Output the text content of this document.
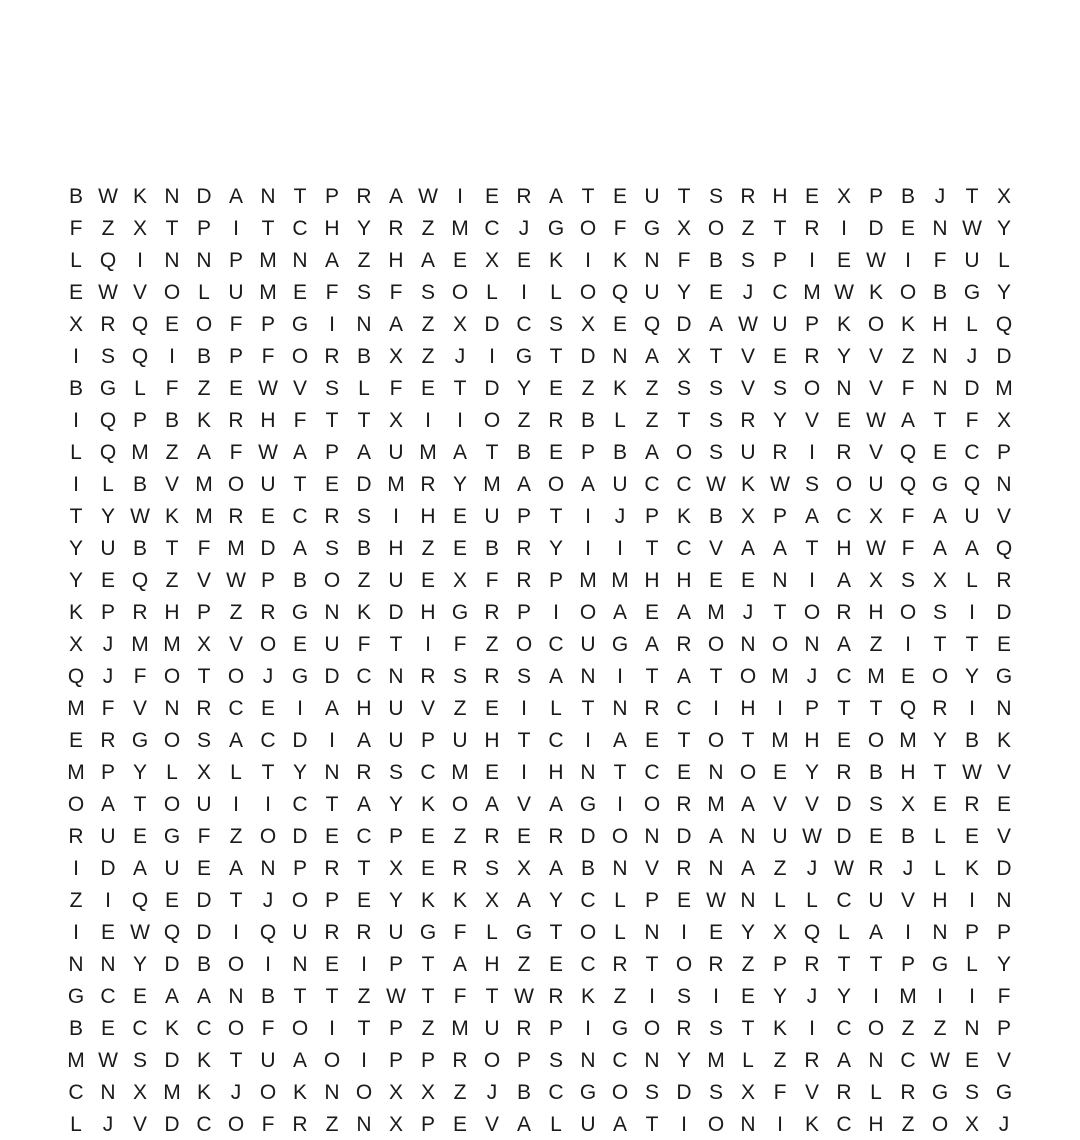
B W K N D A N T P R A W I	E R A T E U T S R H E X P B J T X
F Z X T P	I	T C H Y R Z M C J G O F G X O Z T R	I	D E N W Y
L Q I	N N P M N A Z H A E X E K	I	K N F B S P	I	E W I	F U L
E W V O L U M E F S F S O L	I	L O Q U Y E J C M W K O B G Y
X R Q E O F P G I	N A Z X D C S X E Q D A W U P K O K H L Q
I	S Q I	B P F O R B X Z J	I G T D N A X T V E R Y V Z N J D
B G L F Z E W V S L F E T D Y E Z K Z S S V S O N V F N D M
I Q P B K R H F T T X	I	I O Z R B L Z T S R Y V E W A T F X
L Q M Z A F W A P A U M A T B E P B A O S U R	I	R V Q E C P
I	L B V M O U T E D M R Y M A O A U C C W K W S O U Q G Q N
T Y W K M R E C R S	I	H E U P T	I	J P K B X P A C X F A U V
Y U B T F M D A S B H Z E B R Y	I	I	T C V A A T H W F A A Q
Y E Q Z V W P B O Z U E X F R P M M H H E E N	I	A X S X L R
K P R H P Z R G N K D H G R P	I O A E A M J T O R H O S	I	D
X J M M X V O E U F T	I	F Z O C U G A R O N O N A Z	I	T T E
Q J F O T O J G D C N R S R S A N	I	T A T O M J C M E O Y G
M F V N R C E	I	A H U V Z E	I	L T N R C	I	H	I	P T T Q R	I	N
E R G O S A C D	I	A U P U H T C	I	A E T O T M H E O M Y B K
M P Y L X L T Y N R S C M E	I	H N T C E N O E Y R B H T W V
O A T O U	I	I	C T A Y K O A V A G I O R M A V V D S X E R E
R U E G F Z O D E C P E Z R E R D O N D A N U W D E B L E V
I	D A U E A N P R T X E R S X A B N V R N A Z J W R J L K D
Z	I Q E D T J O P E Y K K X A Y C L P E W N L L C U V H	I	N
I	E W Q D	I Q U R R U G F L G T O L N	I	E Y X Q L A	I	N P P
N N Y D B O I	N E	I	P T A H Z E C R T O R Z P R T T P G L Y
G C E A A N B T T Z W T F T W R K Z	I	S	I	E Y J Y	I M I	I	F
B E C K C O F O I	T P Z M U R P	I G O R S T K	I	C O Z Z N P
M W S D K T U A O I	P P R O P S N C N Y M L Z R A N C W E V
C N X M K J O K N O X X Z J B C G O S D S X F V R L R G S G
L J V D C O F R Z N X P E V A L U A T	I O N	I	K C H Z O X J
